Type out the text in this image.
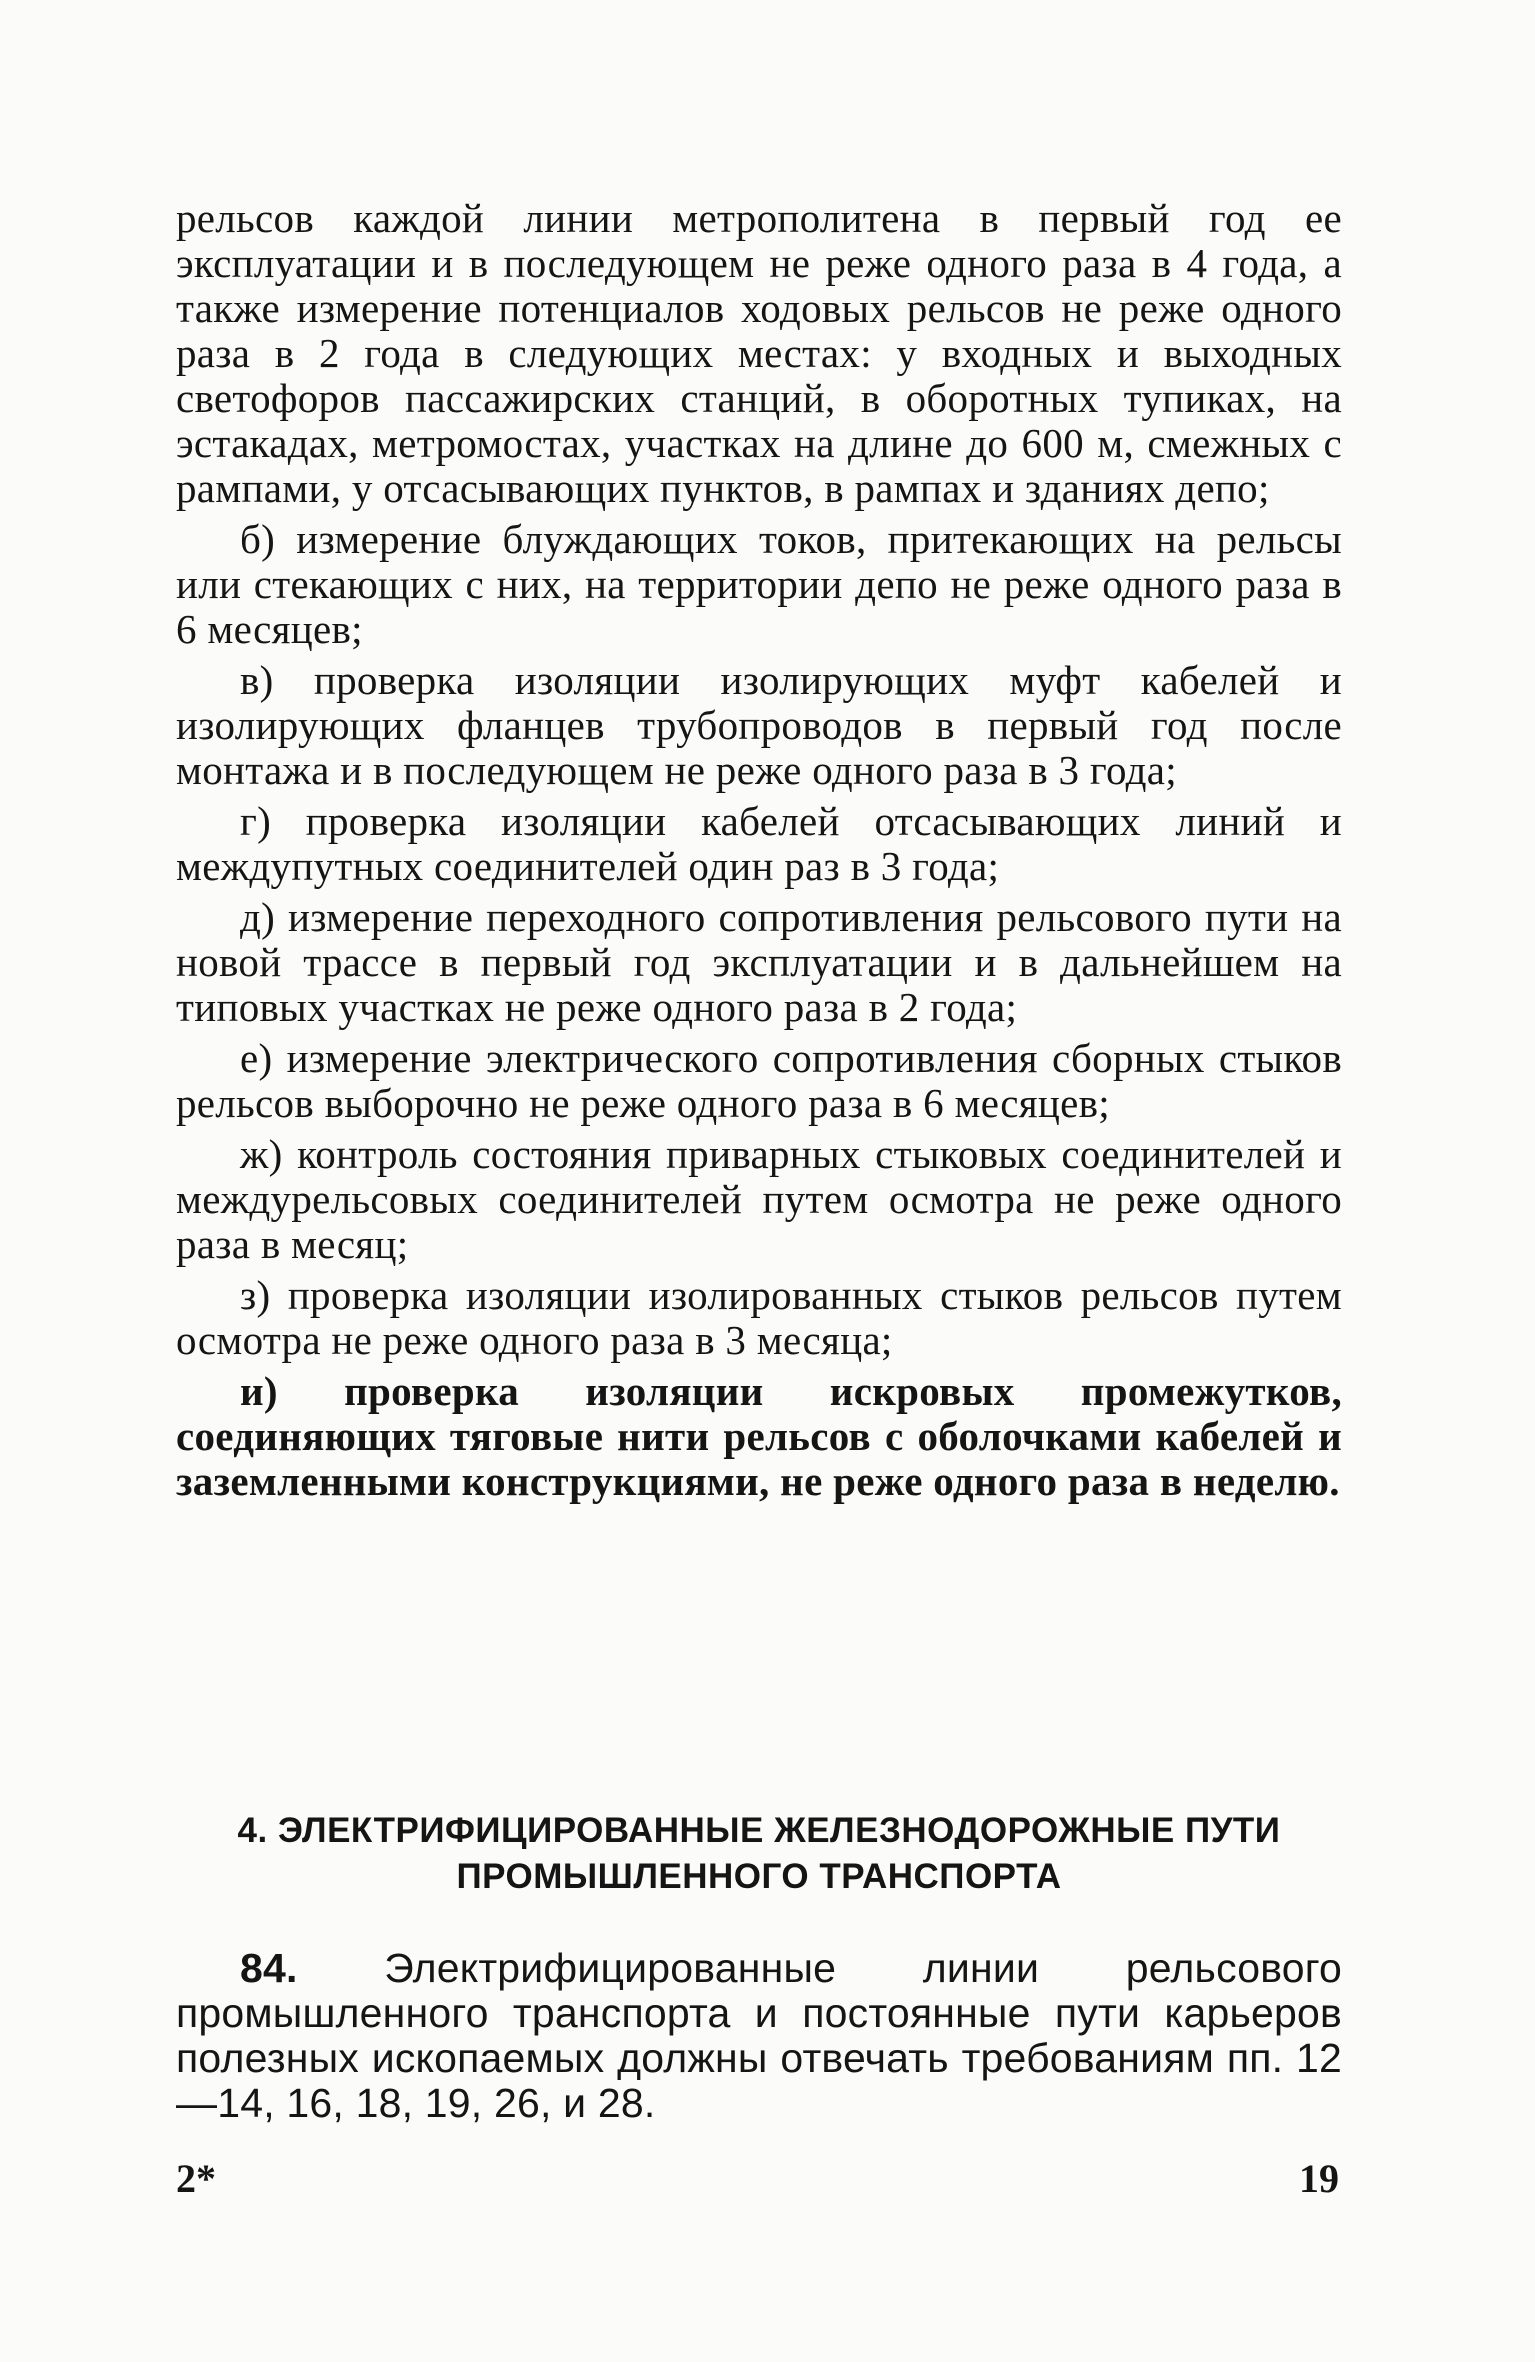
рельсов каждой линии метрополитена в первый год ее эксплуатации и в последующем не реже одного раза в 4 года, а также измерение потенциалов ходовых рельсов не реже одного раза в 2 года в следующих местах: у входных и выходных светофоров пассажирских станций, в оборотных тупиках, на эстакадах, метромостах, участках на длине до 600 м, смежных с рампами, у отсасывающих пунктов, в рампах и зданиях депо;

б) измерение блуждающих токов, притекающих на рельсы или стекающих с них, на территории депо не реже одного раза в 6 месяцев;

в) проверка изоляции изолирующих муфт кабелей и изолирующих фланцев трубопроводов в первый год после монтажа и в последующем не реже одного раза в 3 года;

г) проверка изоляции кабелей отсасывающих линий и междупутных соединителей один раз в 3 года;

д) измерение переходного сопротивления рельсового пути на новой трассе в первый год эксплуатации и в дальнейшем на типовых участках не реже одного раза в 2 года;

е) измерение электрического сопротивления сборных стыков рельсов выборочно не реже одного раза в 6 месяцев;

ж) контроль состояния приварных стыковых соединителей и междурельсовых соединителей путем осмотра не реже одного раза в месяц;

з) проверка изоляции изолированных стыков рельсов путем осмотра не реже одного раза в 3 месяца;

и) проверка изоляции искровых промежутков, соединяющих тяговые нити рельсов с оболочками кабелей и заземленными конструкциями, не реже одного раза в неделю.

4. ЭЛЕКТРИФИЦИРОВАННЫЕ ЖЕЛЕЗНОДОРОЖНЫЕ ПУТИ
ПРОМЫШЛЕННОГО ТРАНСПОРТА

84. Электрифицированные линии рельсового промышленного транспорта и постоянные пути карьеров полезных ископаемых должны отвечать требованиям пп. 12—14, 16, 18, 19, 26, и 28.

2*	19
